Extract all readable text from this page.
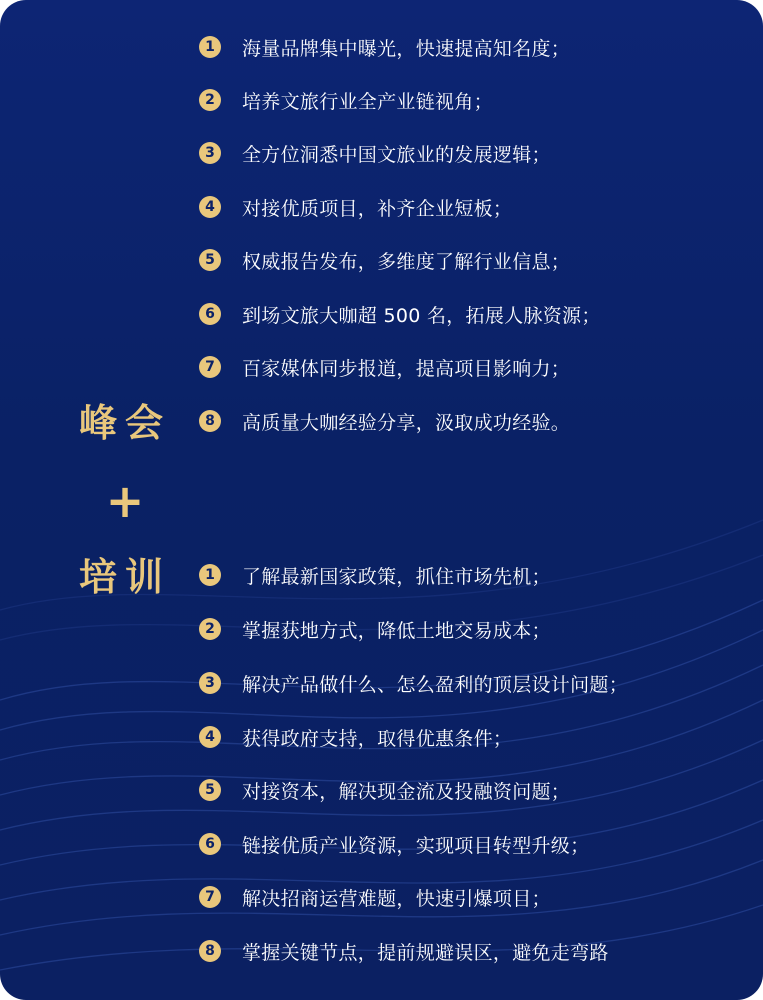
峰会
+
培训
1	海量品牌集中曝光，快速提高知名度；
2	培养文旅行业全产业链视角；
3	全方位洞悉中国文旅业的发展逻辑；
4	对接优质项目，补齐企业短板；
5	权威报告发布，多维度了解行业信息；
6	到场文旅大咖超 500 名，拓展人脉资源；
7	百家媒体同步报道，提高项目影响力；
8	高质量大咖经验分享，汲取成功经验。
1	了解最新国家政策，抓住市场先机；
2	掌握获地方式，降低土地交易成本；
3	解决产品做什么、怎么盈利的顶层设计问题；
4	获得政府支持，取得优惠条件；
5	对接资本，解决现金流及投融资问题；
6	链接优质产业资源，实现项目转型升级；
7	解决招商运营难题，快速引爆项目；
8	掌握关键节点，提前规避误区，避免走弯路
